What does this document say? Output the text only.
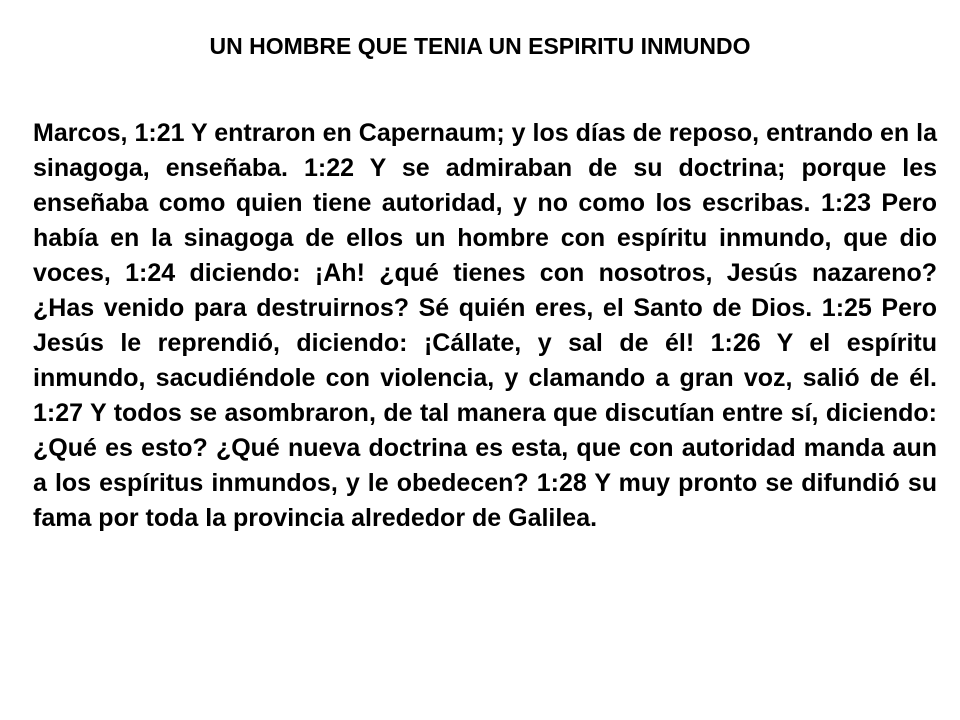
UN HOMBRE QUE TENIA UN ESPIRITU INMUNDO

Marcos, 1:21 Y entraron en Capernaum; y los días de reposo, entrando en la sinagoga, enseñaba. 1:22 Y se admiraban de su doctrina; porque les enseñaba como quien tiene autoridad, y no como los escribas. 1:23 Pero había en la sinagoga de ellos un hombre con espíritu inmundo, que dio voces, 1:24 diciendo: ¡Ah! ¿qué tienes con nosotros, Jesús nazareno? ¿Has venido para destruirnos? Sé quién eres, el Santo de Dios. 1:25 Pero Jesús le reprendió, diciendo: ¡Cállate, y sal de él! 1:26 Y el espíritu inmundo, sacudiéndole con violencia, y clamando a gran voz, salió de él. 1:27 Y todos se asombraron, de tal manera que discutían entre sí, diciendo: ¿Qué es esto? ¿Qué nueva doctrina es esta, que con autoridad manda aun a los espíritus inmundos, y le obedecen? 1:28 Y muy pronto se difundió su fama por toda la provincia alrededor de Galilea.
